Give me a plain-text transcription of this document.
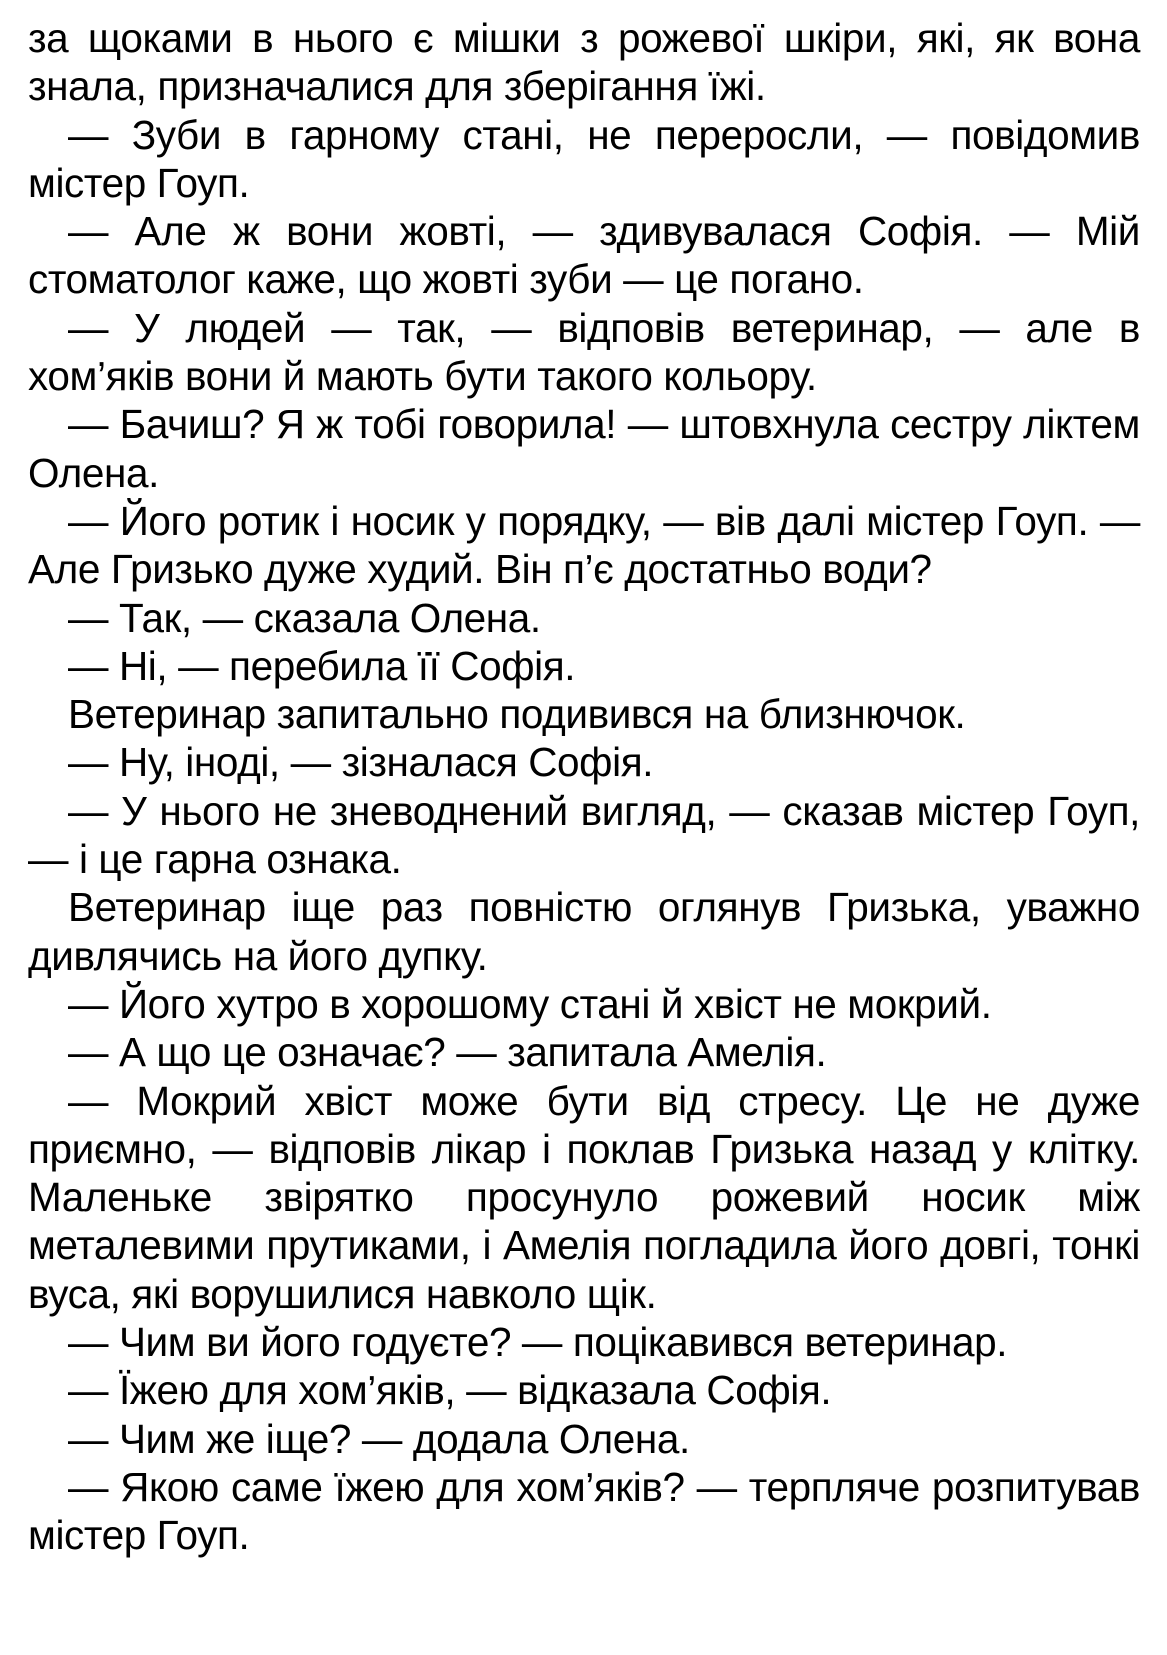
за щоками в нього є мішки з рожевої шкіри, які, як вона знала, призначалися для зберігання їжі.

— Зуби в гарному стані, не переросли, — повідомив містер Гоуп.

— Але ж вони жовті, — здивувалася Софія. — Мій стоматолог каже, що жовті зуби — це погано.

— У людей — так, — відповів ветеринар, — але в хом’яків вони й мають бути такого кольору.

— Бачиш? Я ж тобі говорила! — штовхнула сестру ліктем Олена.

— Його ротик і носик у порядку, — вів далі містер Гоуп. — Але Гризько дуже худий. Він п’є достатньо води?

— Так, — сказала Олена.

— Ні, — перебила її Софія.

Ветеринар запитально подивився на близнючок.

— Ну, іноді, — зізналася Софія.

— У нього не зневоднений вигляд, — сказав містер Гоуп, — і це гарна ознака.

Ветеринар іще раз повністю оглянув Гризька, уважно дивлячись на його дупку.

— Його хутро в хорошому стані й хвіст не мокрий.

— А що це означає? — запитала Амелія.

— Мокрий хвіст може бути від стресу. Це не дуже приємно, — відповів лікар і поклав Гризька назад у клітку. Маленьке звірятко просунуло рожевий носик між металевими прутиками, і Амелія погладила його довгі, тонкі вуса, які ворушилися навколо щік.

— Чим ви його годуєте? — поцікавився ветеринар.

— Їжею для хом’яків, — відказала Софія.

— Чим же іще? — додала Олена.

— Якою саме їжею для хом’яків? — терпляче розпитував містер Гоуп.
